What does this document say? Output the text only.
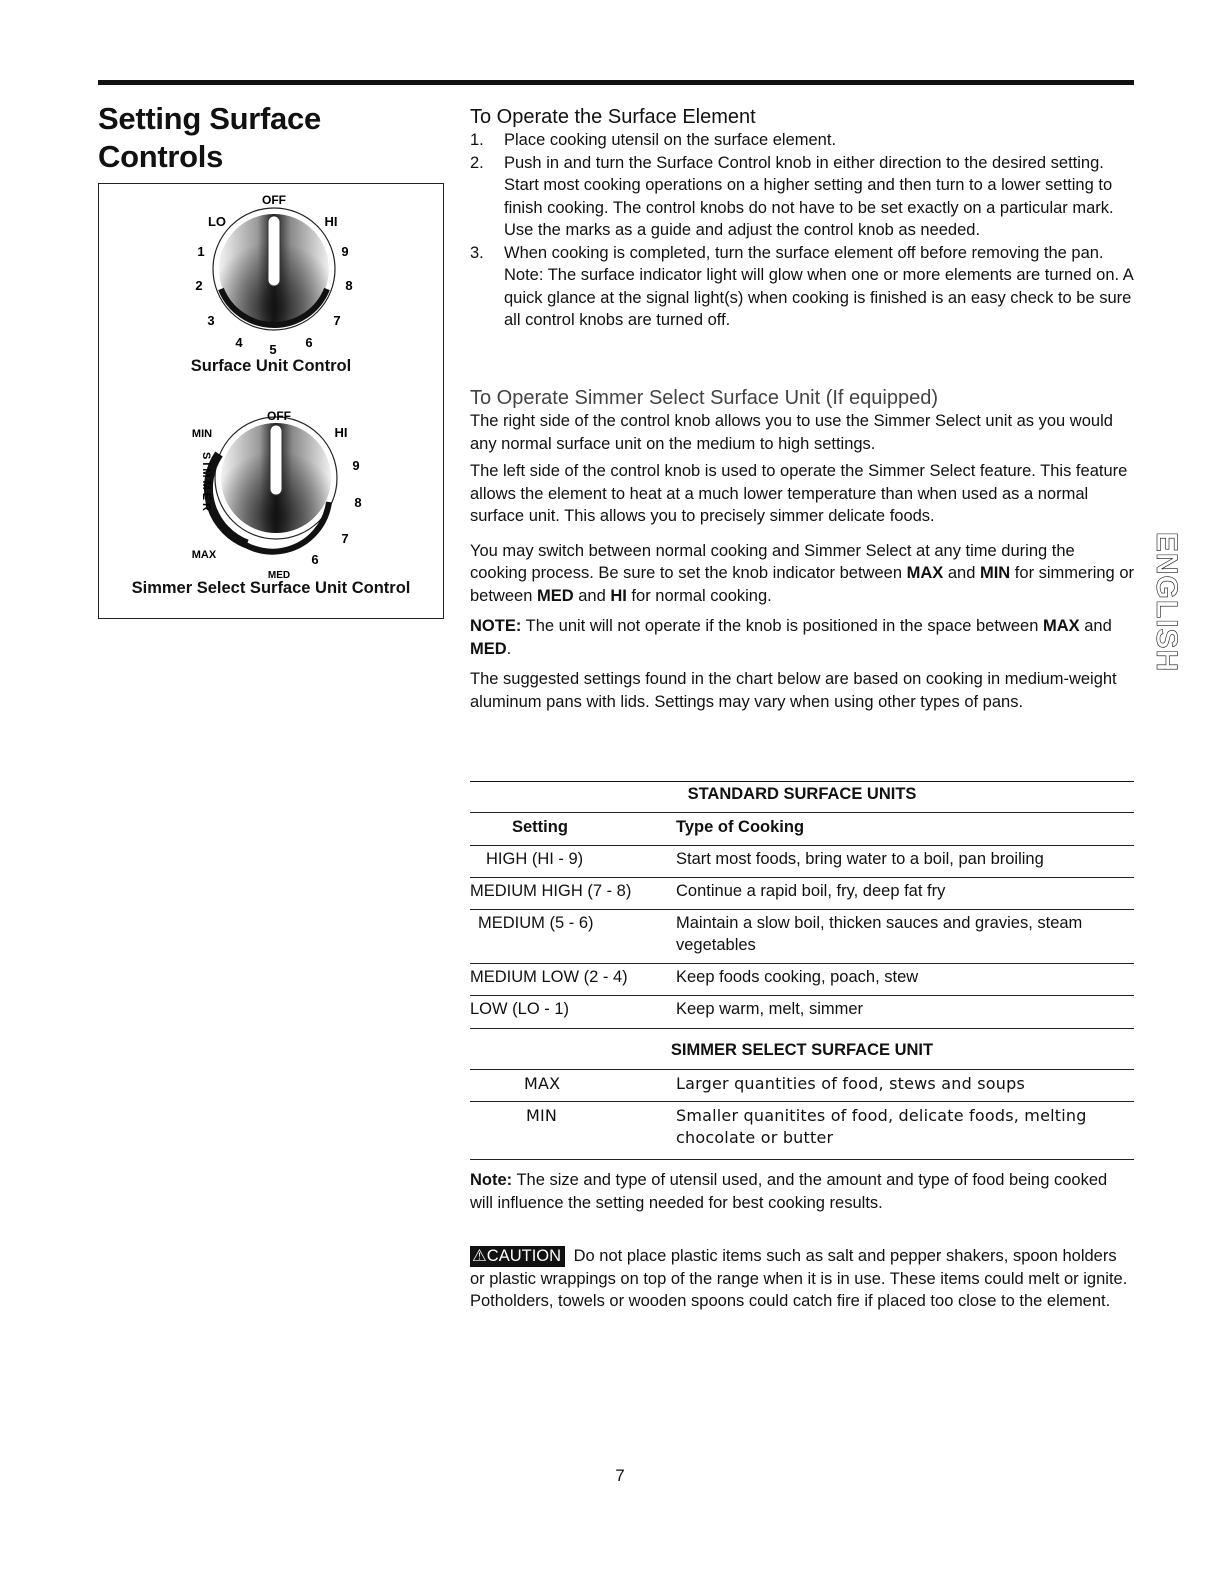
Setting Surface Controls
OFF
LO	HI
1	9
2	8
3	7
4 5 6
OFF
MIN	HI
9
8
7
6
MAX
MED
SIMMER
Surface Unit Control
Simmer Select Surface Unit Control	ENGLISH
To Operate the Surface Element
1. Place cooking utensil on the surface element.
2. Push in and turn the Surface Control knob in either direction to the desired setting. Start most cooking operations on a higher setting and then turn to a lower setting to finish cooking. The control knobs do not have to be set exactly on a particular mark. Use the marks as a guide and adjust the control knob as needed.
3. When cooking is completed, turn the surface element off before removing the pan. Note: The surface indicator light will glow when one or more elements are turned on. A quick glance at the signal light(s) when cooking is finished is an easy check to be sure all control knobs are turned off.
To Operate Simmer Select Surface Unit (If equipped)

The right side of the control knob allows you to use the Simmer Select unit as you would any normal surface unit on the medium to high settings.

The left side of the control knob is used to operate the Simmer Select feature. This feature allows the element to heat at a much lower temperature than when used as a normal surface unit. This allows you to precisely simmer delicate foods.

You may switch between normal cooking and Simmer Select at any time during the cooking process. Be sure to set the knob indicator between MAX and MIN for simmering or between MED and HI for normal cooking.

NOTE: The unit will not operate if the knob is positioned in the space between MAX and MED.

The suggested settings found in the chart below are based on cooking in medium-weight aluminum pans with lids. Settings may vary when using other types of pans.

STANDARD SURFACE UNITS
Setting	Type of Cooking
HIGH (HI - 9)	Start most foods, bring water to a boil, pan broiling
MEDIUM HIGH (7 - 8)	Continue a rapid boil, fry, deep fat fry
MEDIUM (5 - 6)	Maintain a slow boil, thicken sauces and gravies, steam vegetables
MEDIUM LOW (2 - 4)	Keep foods cooking, poach, stew
LOW (LO - 1)	Keep warm, melt, simmer
SIMMER SELECT SURFACE UNIT
MAX	Larger quantities of food, stews and soups
MIN	Smaller quanitites of food, delicate foods, melting chocolate or butter

Note: The size and type of utensil used, and the amount and type of food being cooked will influence the setting needed for best cooking results.

⚠CAUTION Do not place plastic items such as salt and pepper shakers, spoon holders or plastic wrappings on top of the range when it is in use. These items could melt or ignite. Potholders, towels or wooden spoons could catch fire if placed too close to the element.

7
